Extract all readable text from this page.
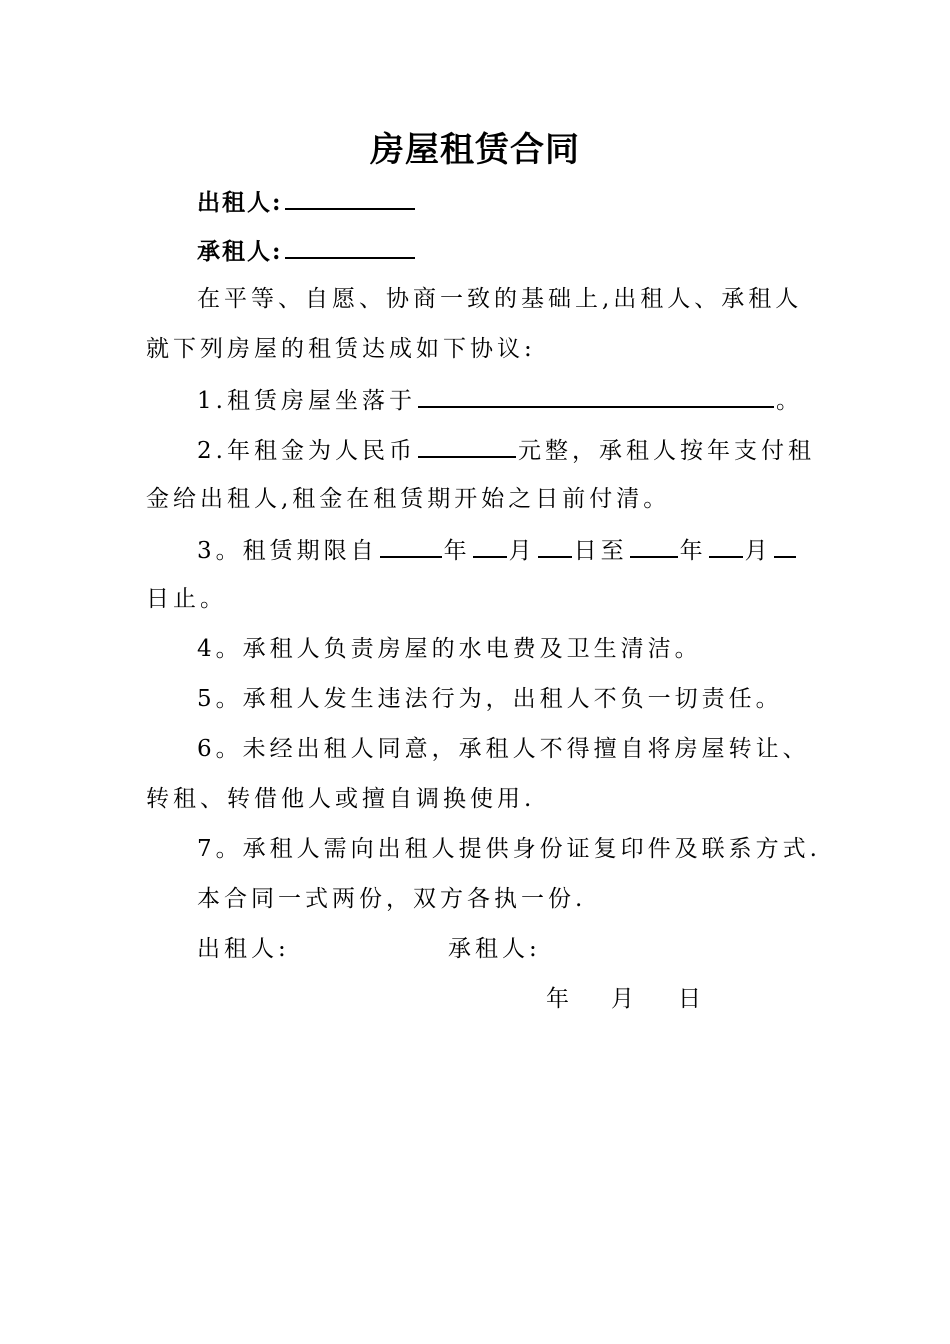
房屋租赁合同
出租人:
承租人:
在平等、自愿、协商一致的基础上,出租人、承租人
就下列房屋的租赁达成如下协议:
1.租赁房屋坐落于	。
2.年租金为人民币	元整，承租人按年支付租
金给出租人,租金在租赁期开始之日前付清。
3。租赁期限自	年 月 日至 年 月
日止。
4。承租人负责房屋的水电费及卫生清洁。
5。承租人发生违法行为，出租人不负一切责任。
6。未经出租人同意，承租人不得擅自将房屋转让、
转租、转借他人或擅自调换使用.
7。承租人需向出租人提供身份证复印件及联系方式.
本合同一式两份，双方各执一份.
出租人:	承租人:
年 月 日
